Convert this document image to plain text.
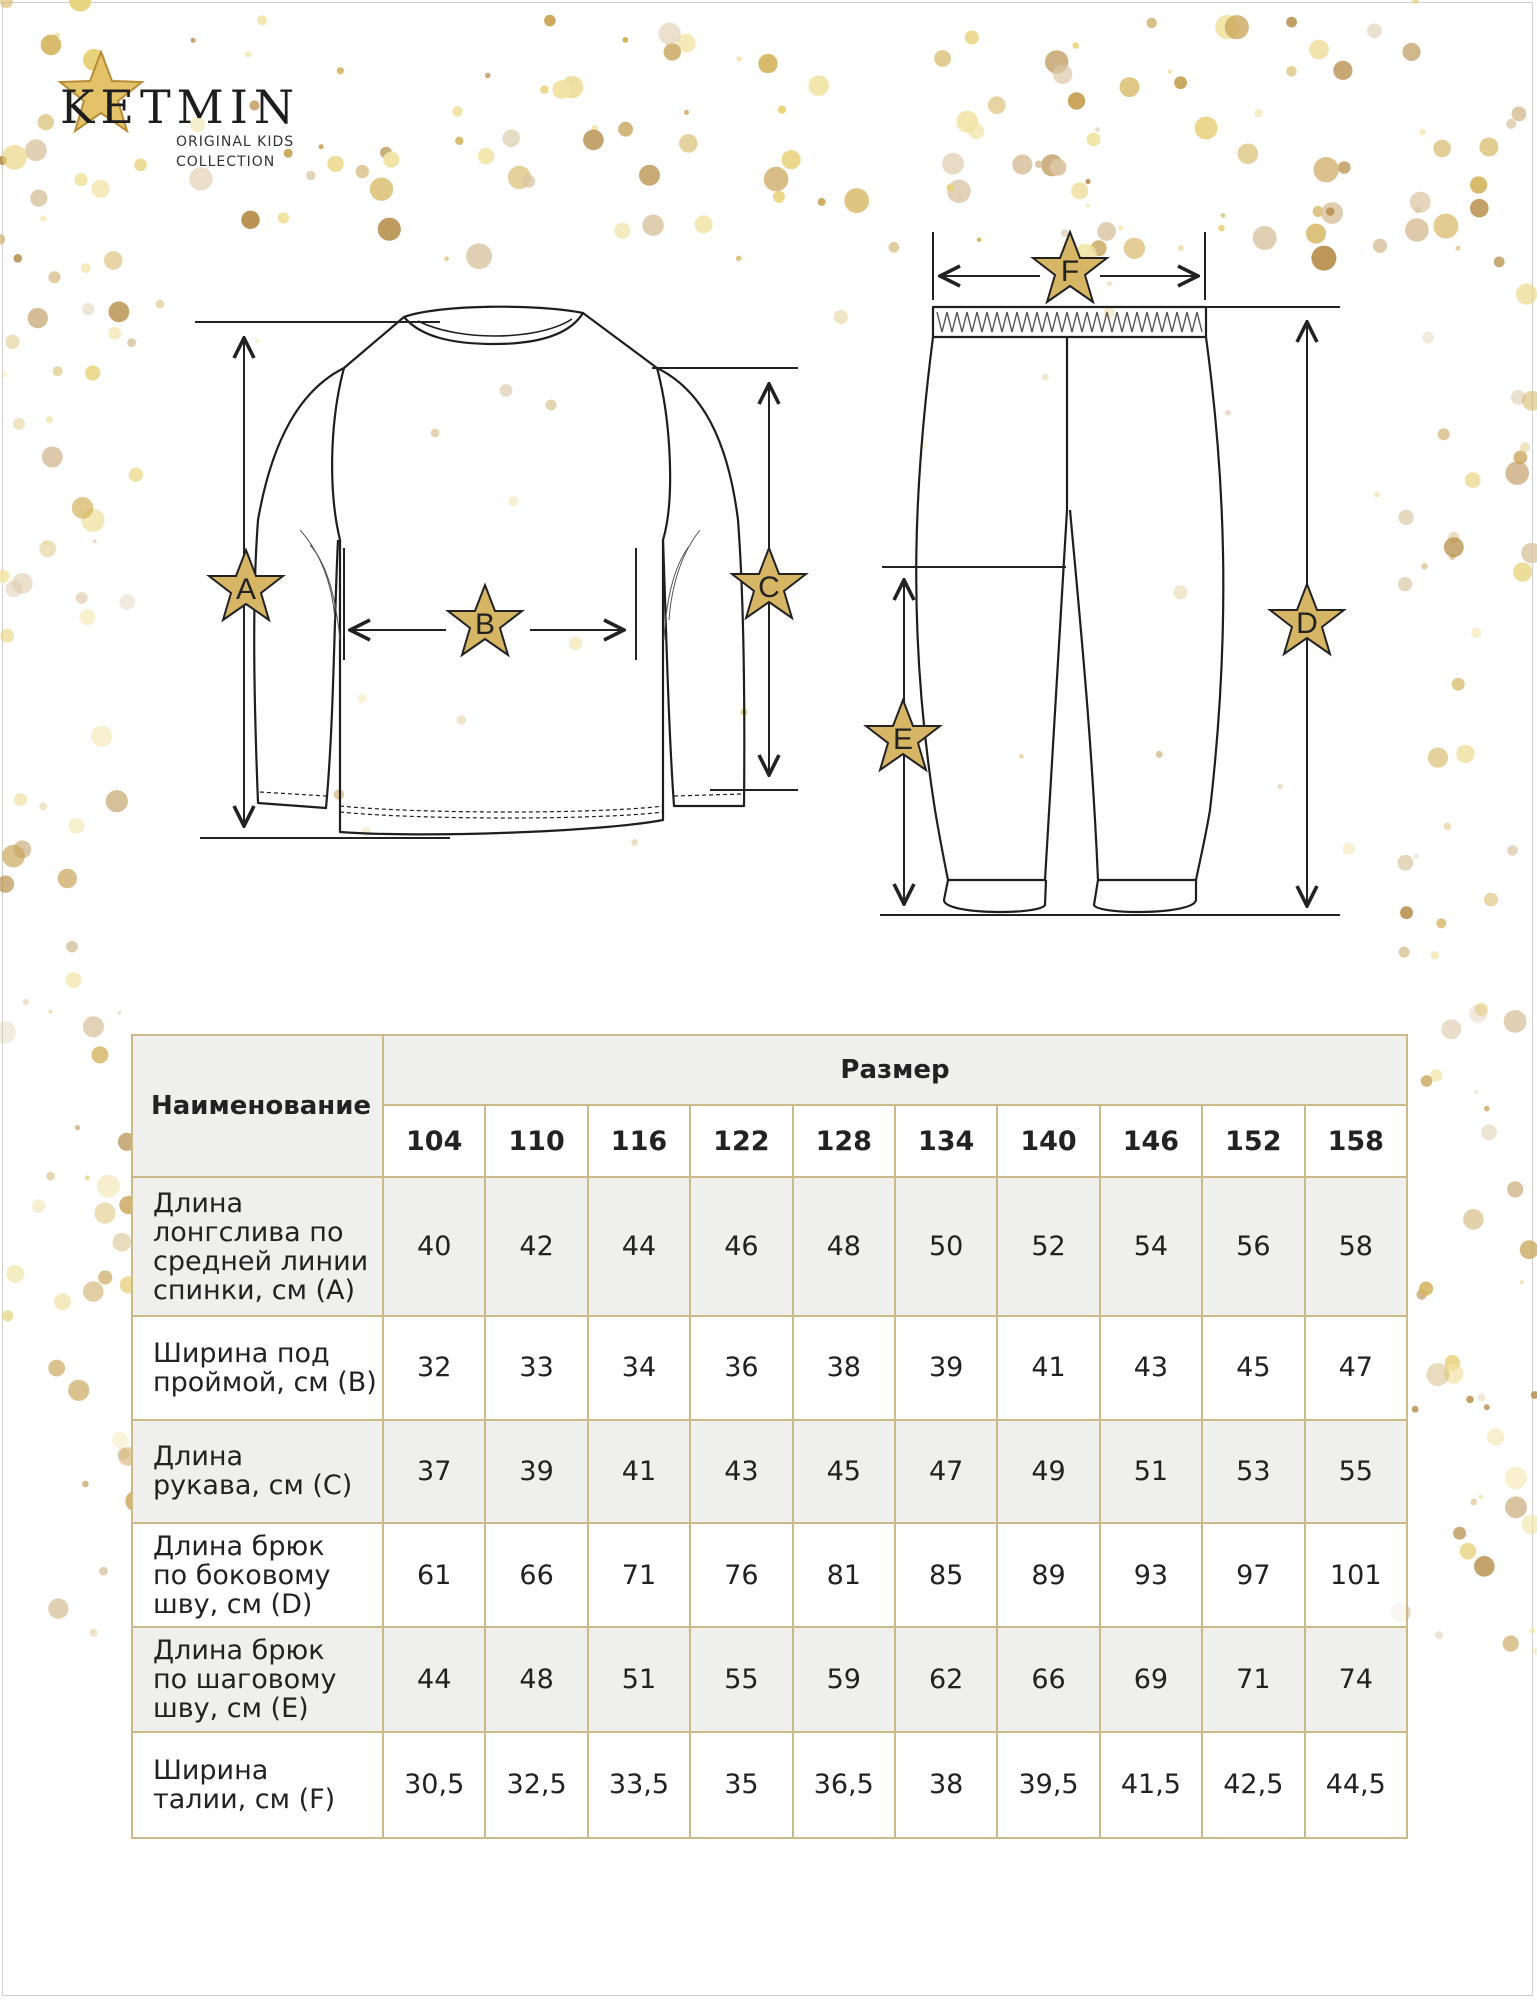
KETMIN
ORIGINAL KIDS
COLLECTION
A
B
C
D
E
F
Наименование	Размер									
	104	110	116	122	128	134	140	146	152	158
Длина
лонгслива по
средней линии
спинки, см (А)	40	42	44	46	48	50	52	54	56	58
Ширина под
проймой, см (В)	32	33	34	36	38	39	41	43	45	47
Длина
рукава, см (С)	37	39	41	43	45	47	49	51	53	55
Длина брюк
по боковому
шву, см (D)	61	66	71	76	81	85	89	93	97	101
Длина брюк
по шаговому
шву, см (Е)	44	48	51	55	59	62	66	69	71	74
Ширина
талии, см (F)	30,5	32,5	33,5	35	36,5	38	39,5	41,5	42,5	44,5
